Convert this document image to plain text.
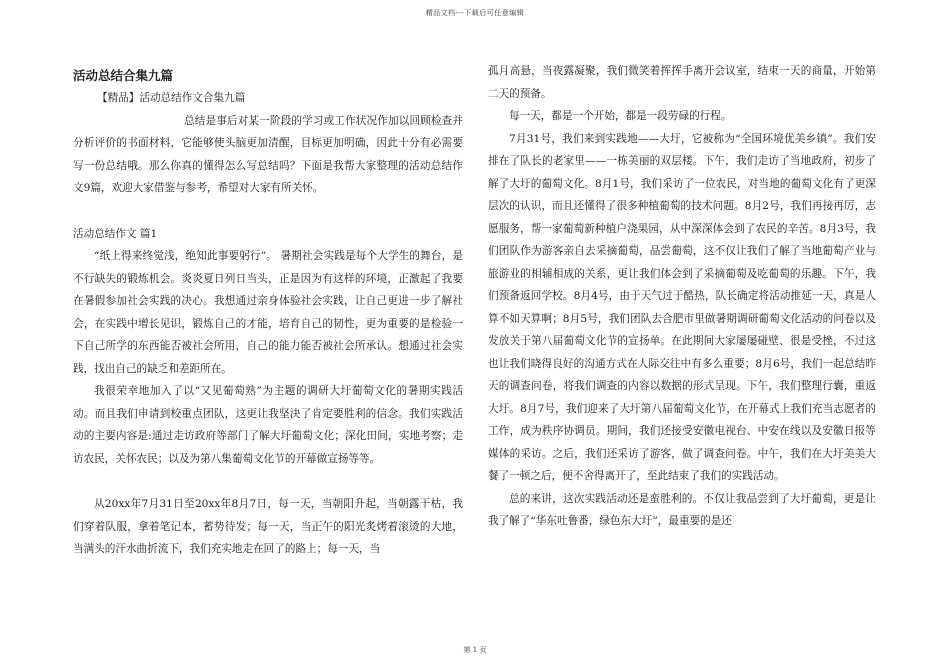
精品文档---下载后可任意编辑
活动总结合集九篇

【精品】活动总结作文合集九篇

总结是事后对某一阶段的学习或工作状况作加以回顾检查并分析评价的书面材料，它能够使头脑更加清醒，目标更加明确，因此十分有必需要写一份总结哦。那么你真的懂得怎么写总结吗？下面是我帮大家整理的活动总结作文9篇，欢迎大家借鉴与参考，希望对大家有所关怀。

活动总结作文 篇1

“纸上得来终觉浅，绝知此事要躬行”。 暑期社会实践是每个大学生的舞台，是不行缺失的锻炼机会。炎炎夏日列日当头，正是因为有这样的环境，正激起了我要在暑假参加社会实践的决心。我想通过亲身体验社会实践，让自己更进一步了解社会，在实践中增长见识，锻炼自己的才能，培育自己的韧性，更为重要的是检验一下自己所学的东西能否被社会所用，自己的能力能否被社会所承认。想通过社会实践，找出自己的缺乏和差距所在。

我很荣幸地加入了以“又见葡萄熟”为主题的调研大圩葡萄文化的暑期实践活动。而且我们申请到校重点团队，这更让我坚決了肯定要胜利的信念。我们实践活动的主要内容是:通过走访政府等部门了解大圩葡萄文化；深化田间，实地考察；走访农民，关怀农民；以及为第八集葡萄文化节的开幕做宣扬等等。

从20xx年7月31日至20xx年8月7日，每一天，当朝阳升起，当朝露干枯，我们穿着队服，拿着笔记本，蓄势待发；每一天，当正午的阳光炙烤着滚烫的大地，当满头的汗水曲折流下，我们充实地走在回了的路上；每一天，当

孤月高悬，当夜露凝聚，我们微笑着挥挥手离开会议室，结束一天的商量，开始第二天的预备。

每一天，都是一个开始，都是一段劳碌的行程。

7月31号，我们来到实践地——大圩，它被称为“全国环境优美乡镇”。我们安排在了队长的老家里——一栋美丽的双层楼。下午，我们走访了当地政府，初步了解了大圩的葡萄文化。8月1号，我们采访了一位农民，对当地的葡萄文化有了更深层次的认识，而且还懂得了很多种植葡萄的技术问题。8月2号，我们再接再厉，志愿服务，帮一家葡萄新种植户浇果园，从中深深体会到了农民的辛苦。8月3号，我们团队作为游客亲自去采摘葡萄，品尝葡萄，这不仅让我们了解了当地葡萄产业与旅游业的相辅相成的关系，更让我们体会到了采摘葡萄及吃葡萄的乐趣。下午，我们预备返回学校。8月4号，由于天气过于酷热，队长确定将活动推延一天，真是人算不如天算啊；8月5号，我们团队去合肥市里做暑期调研葡萄文化活动的问卷以及发放关于第八届葡萄文化节的宣扬单。在此期间大家屡屡碰壁、很是受挫，不过这也让我们晓得良好的沟通方式在人际交往中有多么重要；8月6号，我们一起总结昨天的调查问卷，将我们调查的内容以数据的形式呈现。下午，我们整理行囊，重返大圩。8月7号，我们迎来了大圩第八届葡萄文化节，在开幕式上我们充当志愿者的工作，成为秩序协调员。期间，我们还接受安徽电视台、中安在线以及安徽日报等媒体的采访。之后，我们还采访了游客，做了调查问卷。中午，我们在大圩美美大餐了一顿之后，便不舍得离开了，至此结束了我们的实践活动。

总的来讲，这次实践活动还是蛮胜利的。不仅让我品尝到了大圩葡萄，更是让我了解了“华东吐鲁番，绿色东大圩”，最重要的是还

第 1 页
